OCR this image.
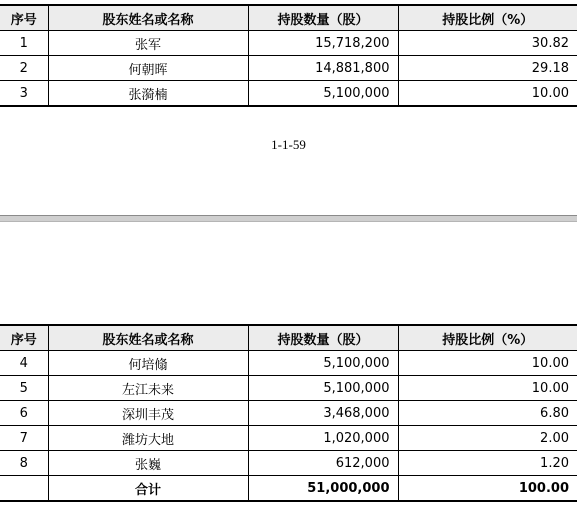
序号	股东姓名或名称	持股数量（股）	持股比例（%）
1	张军	15,718,200	30.82
2	何朝晖	14,881,800	29.18
3	张漪楠	5,100,000	10.00
1-1-59
序号	股东姓名或名称	持股数量（股）	持股比例（%）
4	何培翛	5,100,000	10.00
5	左江未来	5,100,000	10.00
6	深圳丰茂	3,468,000	6.80
7	潍坊大地	1,020,000	2.00
8	张巍	612,000	1.20
	合计	51,000,000	100.00
